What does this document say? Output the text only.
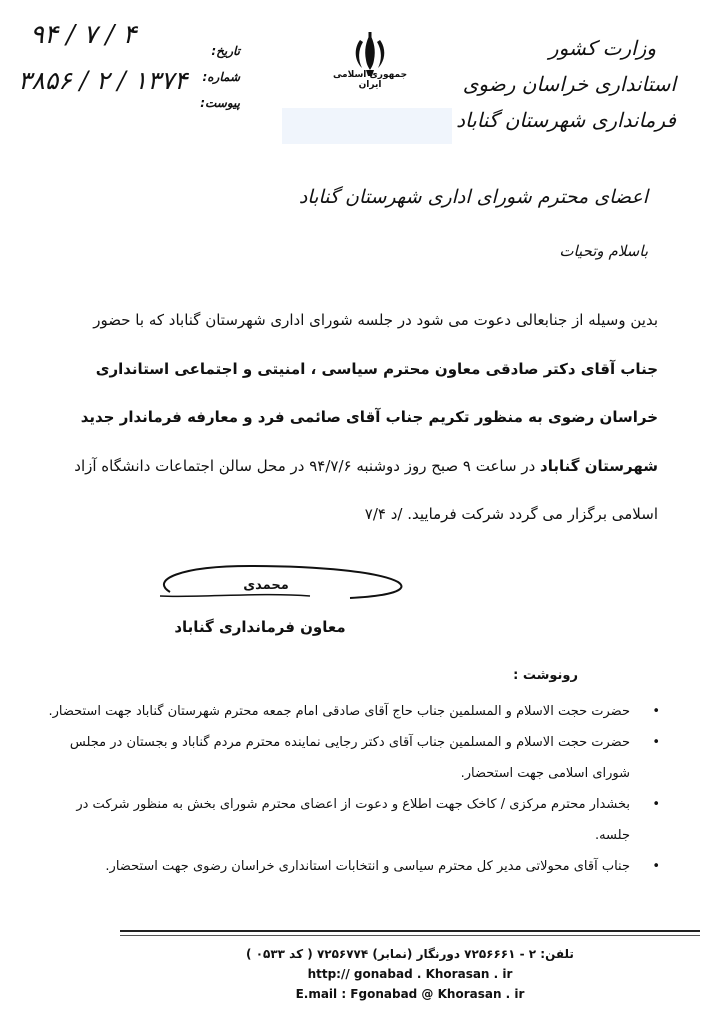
وزارت کشور
استانداری خراسان رضوی
فرمانداری شهرستان گناباد
جمهوری اسلامی ایران
تاریخ:
شماره:
پیوست:
۹۴ / ۷ / ۴
۳۸۵۶ / ۲ / ۱۳۷۴
اعضای محترم شورای اداری شهرستان گناباد
باسلام وتحیات
بدین وسیله از جنابعالی دعوت می شود در جلسه شورای اداری شهرستان گناباد که با حضور جناب آقای دکتر صادقی معاون محترم سیاسی ، امنیتی و اجتماعی استانداری خراسان رضوی به منظور تکریم جناب آقای صائمی فرد و معارفه فرماندار جدید شهرستان گناباد در ساعت ۹ صبح روز دوشنبه ۹۴/۷/۶ در محل سالن اجتماعات دانشگاه آزاد اسلامی برگزار می گردد شرکت فرمایید. /د ۷/۴
محمدی
معاون فرمانداری گناباد
رونوشت :
•
حضرت حجت الاسلام و المسلمین جناب حاج آقای صادقی امام جمعه محترم شهرستان گناباد جهت استحضار.
•
حضرت حجت الاسلام و المسلمین جناب آقای دکتر رجایی نماینده محترم مردم گناباد و بجستان در مجلس شورای اسلامی جهت استحضار.
•
بخشدار محترم مرکزی / کاخک جهت اطلاع و دعوت از اعضای محترم شورای بخش به منظور شرکت در جلسه.
•
جناب آقای محولاتی مدیر کل محترم سیاسی و انتخابات استانداری خراسان رضوی جهت استحضار.
تلفن: ۲ - ۷۲۵۶۶۶۱ دورنگار (نمابر) ۷۲۵۶۷۷۴ ( کد ۰۵۳۳ )
http:// gonabad . Khorasan . ir
E.mail : Fgonabad @ Khorasan . ir
